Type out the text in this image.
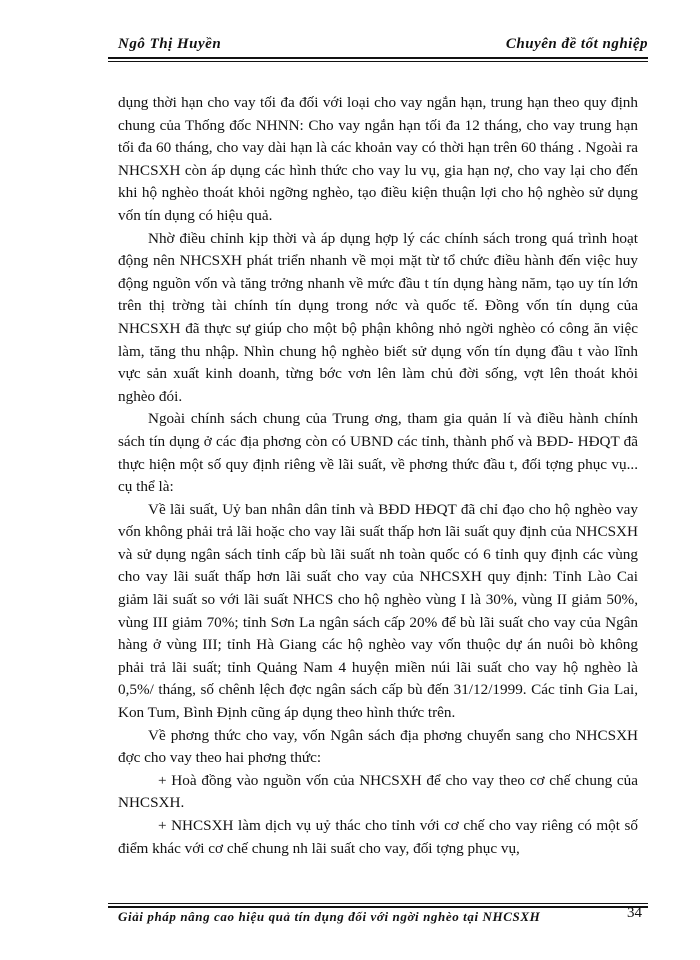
Ngô Thị Huyền	Chuyên đề tốt nghiệp

dụng thời hạn cho vay tối đa đối với loại cho vay ngắn hạn, trung hạn theo quy định chung của Thống đốc NHNN: Cho vay ngắn hạn tối đa 12 tháng, cho vay trung hạn tối đa 60 tháng, cho vay dài hạn là các khoản vay có thời hạn trên 60 tháng . Ngoài ra NHCSXH còn áp dụng các hình thức cho vay lu vụ, gia hạn nợ, cho vay lại cho đến khi hộ nghèo thoát khỏi ngỡng nghèo, tạo điều kiện thuận lợi cho hộ nghèo sử dụng vốn tín dụng có hiệu quả.

Nhờ điều chỉnh kịp thời và áp dụng hợp lý các chính sách trong quá trình hoạt động nên NHCSXH phát triển nhanh về mọi mặt từ tổ chức điều hành đến việc huy động nguồn vốn và tăng trởng nhanh về mức đầu t tín dụng hàng năm, tạo uy tín lớn trên thị trờng tài chính tín dụng trong nớc và quốc tế. Đồng vốn tín dụng của NHCSXH đã thực sự giúp cho một bộ phận không nhỏ ngời nghèo có công ăn việc làm, tăng thu nhập. Nhìn chung hộ nghèo biết sử dụng vốn tín dụng đầu t vào lĩnh vực sản xuất kinh doanh, từng bớc vơn lên làm chủ đời sống, vợt lên thoát khỏi nghèo đói.

Ngoài chính sách chung của Trung ơng, tham gia quản lí và điều hành chính sách tín dụng ở các địa phơng còn có UBND các tỉnh, thành phố và BĐD- HĐQT đã thực hiện một số quy định riêng về lãi suất, về phơng thức đầu t, đối tợng phục vụ... cụ thể là:

Về lãi suất, Uỷ ban nhân dân tỉnh và BĐD HĐQT đã chỉ đạo cho hộ nghèo vay vốn không phải trả lãi hoặc cho vay lãi suất thấp hơn lãi suất quy định của NHCSXH và sử dụng ngân sách tỉnh cấp bù lãi suất nh toàn quốc có 6 tỉnh quy định các vùng cho vay lãi suất thấp hơn lãi suất cho vay của NHCSXH quy định: Tỉnh Lào Cai giảm lãi suất so với lãi suất NHCS cho hộ nghèo vùng I là 30%, vùng II giảm 50%, vùng III giảm 70%; tỉnh Sơn La ngân sách cấp 20% để bù lãi suất cho vay của Ngân hàng ở vùng III; tỉnh Hà Giang các hộ nghèo vay vốn thuộc dự án nuôi bò không phải trả lãi suất; tỉnh Quảng Nam 4 huyện miền núi lãi suất cho vay hộ nghèo là 0,5%/ tháng, số chênh lệch đợc ngân sách cấp bù đến 31/12/1999. Các tỉnh Gia Lai, Kon Tum, Bình Định cũng áp dụng theo hình thức trên.

Về phơng thức cho vay, vốn Ngân sách địa phơng chuyển sang cho NHCSXH đợc cho vay theo hai phơng thức:

+ Hoà đồng vào nguồn vốn của NHCSXH để cho vay theo cơ chế chung của NHCSXH.

+ NHCSXH làm dịch vụ uỷ thác cho tỉnh với cơ chế cho vay riêng có một số điểm khác với cơ chế chung nh lãi suất cho vay, đối tợng phục vụ,

Giải pháp nâng cao hiệu quả tín dụng đối với ngời nghèo tại NHCSXH	34
